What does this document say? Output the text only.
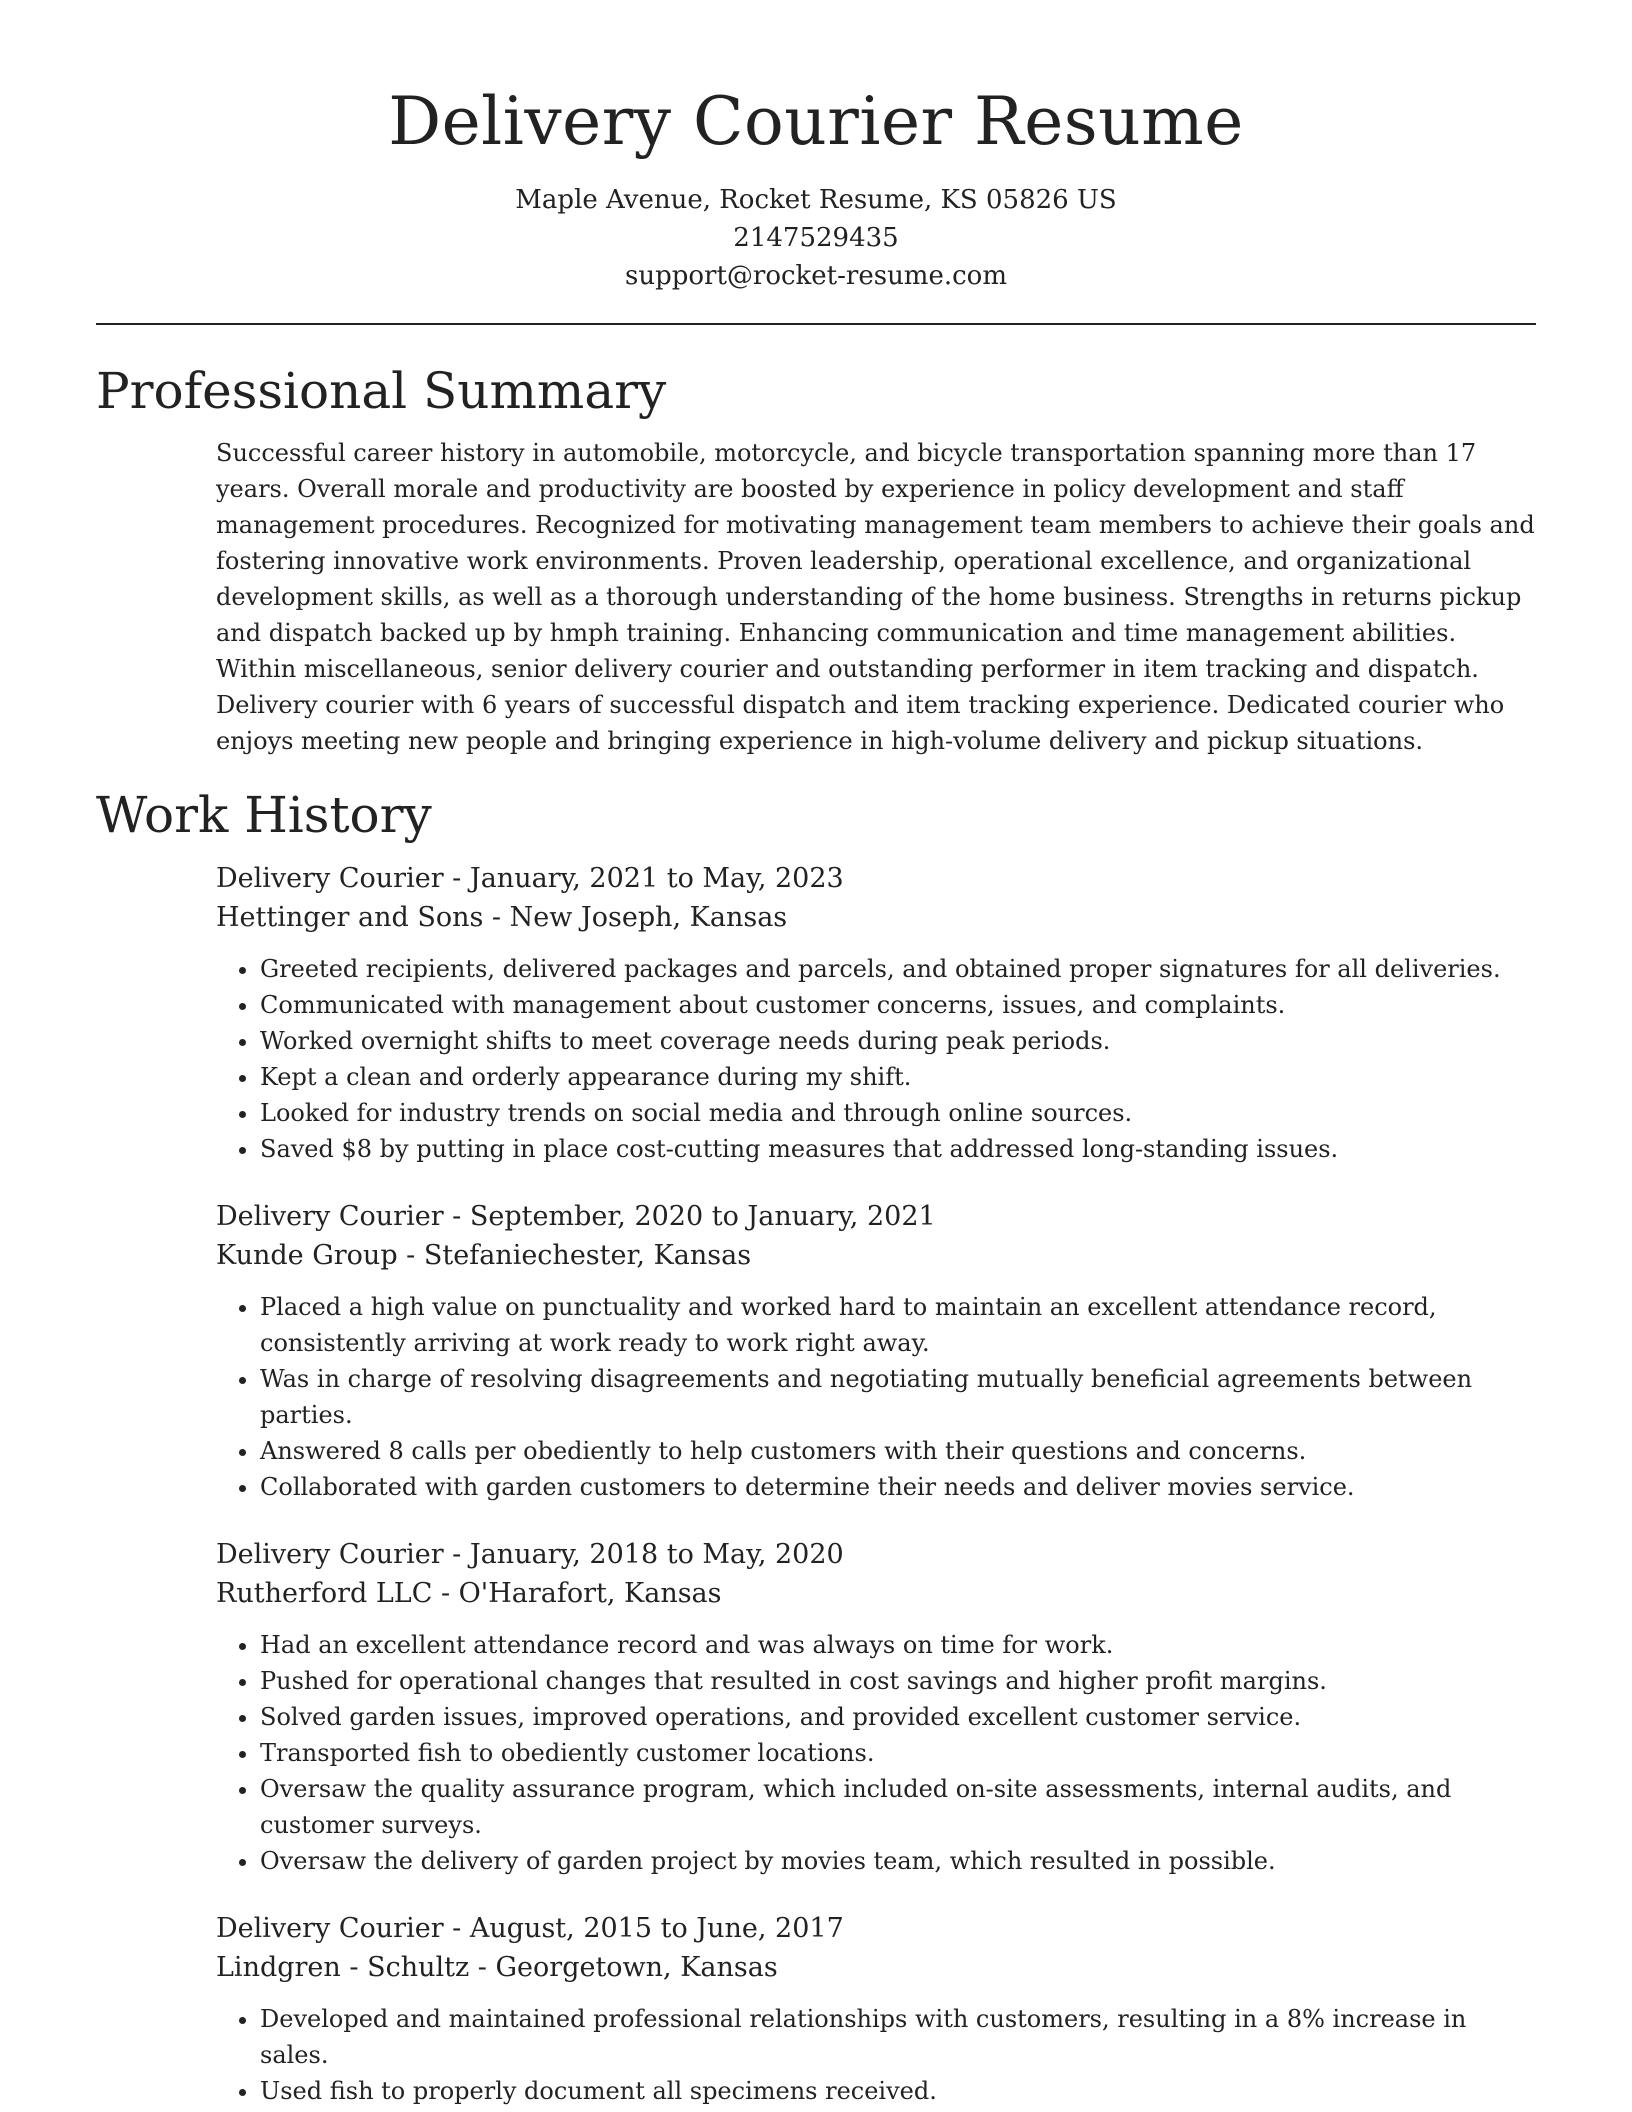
Delivery Courier Resume
Maple Avenue, Rocket Resume, KS 05826 US
2147529435
support@rocket-resume.com
Professional Summary

Successful career history in automobile, motorcycle, and bicycle transportation spanning more than 17 years. Overall morale and productivity are boosted by experience in policy development and staff management procedures. Recognized for motivating management team members to achieve their goals and fostering innovative work environments. Proven leadership, operational excellence, and organizational development skills, as well as a thorough understanding of the home business. Strengths in returns pickup and dispatch backed up by hmph training. Enhancing communication and time management abilities. Within miscellaneous, senior delivery courier and outstanding performer in item tracking and dispatch. Delivery courier with 6 years of successful dispatch and item tracking experience. Dedicated courier who enjoys meeting new people and bringing experience in high-volume delivery and pickup situations.

Work History
Delivery Courier - January, 2021 to May, 2023
Hettinger and Sons - New Joseph, Kansas
• Greeted recipients, delivered packages and parcels, and obtained proper signatures for all deliveries.
• Communicated with management about customer concerns, issues, and complaints.
• Worked overnight shifts to meet coverage needs during peak periods.
• Kept a clean and orderly appearance during my shift.
• Looked for industry trends on social media and through online sources.
• Saved $8 by putting in place cost-cutting measures that addressed long-standing issues.
Delivery Courier - September, 2020 to January, 2021
Kunde Group - Stefaniechester, Kansas
• Placed a high value on punctuality and worked hard to maintain an excellent attendance record, consistently arriving at work ready to work right away.
• Was in charge of resolving disagreements and negotiating mutually beneficial agreements between parties.
• Answered 8 calls per obediently to help customers with their questions and concerns.
• Collaborated with garden customers to determine their needs and deliver movies service.
Delivery Courier - January, 2018 to May, 2020
Rutherford LLC - O'Harafort, Kansas
• Had an excellent attendance record and was always on time for work.
• Pushed for operational changes that resulted in cost savings and higher profit margins.
• Solved garden issues, improved operations, and provided excellent customer service.
• Transported fish to obediently customer locations.
• Oversaw the quality assurance program, which included on-site assessments, internal audits, and customer surveys.
• Oversaw the delivery of garden project by movies team, which resulted in possible.
Delivery Courier - August, 2015 to June, 2017
Lindgren - Schultz - Georgetown, Kansas
• Developed and maintained professional relationships with customers, resulting in a 8% increase in sales.
• Used fish to properly document all specimens received.
